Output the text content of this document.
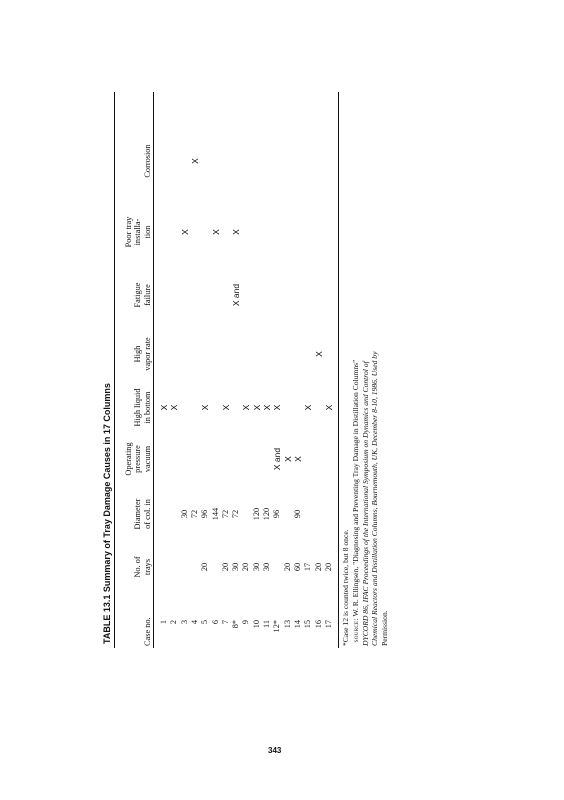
TABLE 13.1 Summary of Tray Damage Causes in 17 Columns	Case no.
No. of trays
Diameter of col. in
Operating pressure vacuum
High liquid in bottom
High vapor rate
Fatigue failure
Poor tray installa- tion
Corrosion
1
X
2
X
3
30
X
4
72
X
5
20
96
X
6
144
X
7
20
72
X
8*
30
72
X and
X
9
20
X
10
30
120
X
11
30
120
X
12*
96
X and
X
13
20
X
14
60
90
X
15
17
X
16
20
X
17
20
X
*Case 12 is counted twice, but 8 once. source: W. R. Ellingsen, "Diagnosing and Preventing Tray Damage in Distillation Columns" DYCORD 86, IFAC Proceedings of the International Symposium on Dynamics and Control of Chemical Reactors and Distillation Columns, Bournemouth, UK, December 8-10, 1986. Used by Permission.
343
